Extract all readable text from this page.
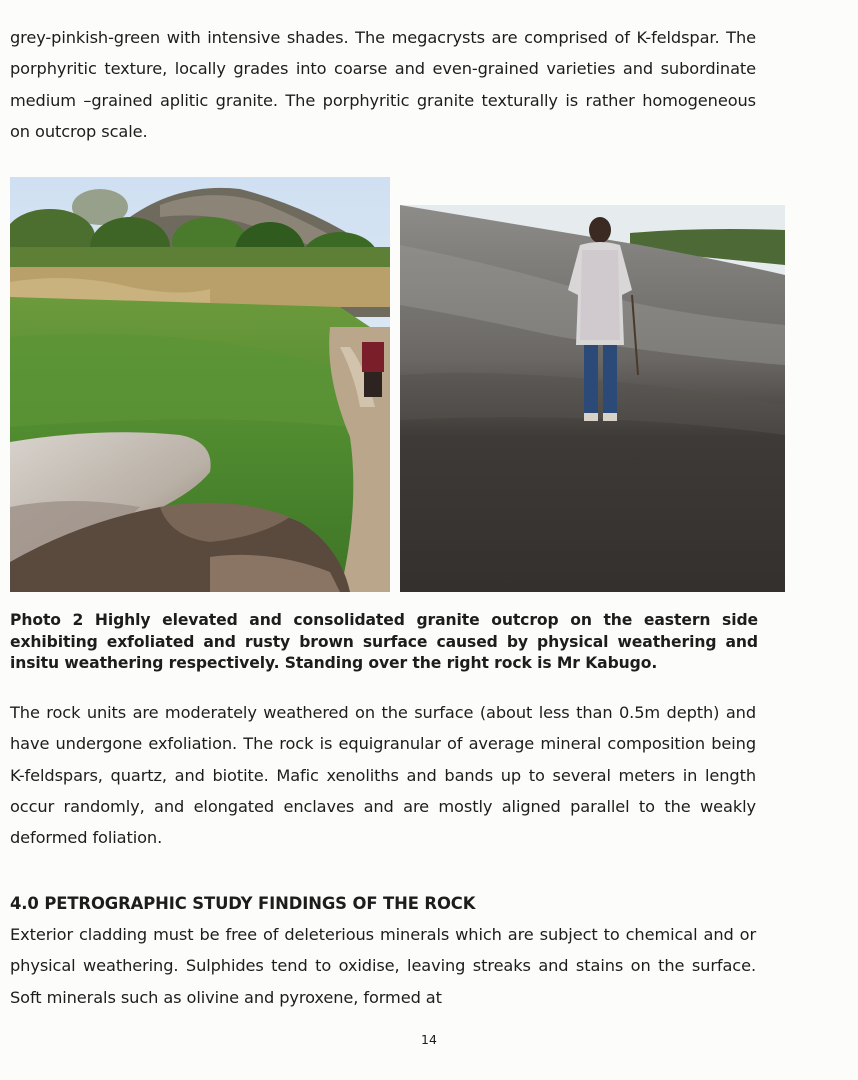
grey-pinkish-green with intensive shades. The megacrysts are comprised of K-feldspar. The porphyritic texture, locally grades into coarse and even-grained varieties and subordinate medium –grained aplitic granite. The porphyritic granite texturally is rather homogeneous on outcrop scale.

Photo 2 Highly elevated and consolidated granite outcrop on the eastern side exhibiting exfoliated and rusty brown surface caused by physical weathering and insitu weathering respectively. Standing over the right rock is Mr Kabugo.

The rock units are moderately weathered on the surface (about less than 0.5m depth) and have undergone exfoliation. The rock is equigranular of average mineral composition being K-feldspars, quartz, and biotite. Mafic xenoliths and bands up to several meters in length occur randomly, and elongated enclaves and are mostly aligned parallel to the weakly deformed foliation.

4.0 PETROGRAPHIC STUDY FINDINGS OF THE ROCK

Exterior cladding must be free of deleterious minerals which are subject to chemical and or physical weathering. Sulphides tend to oxidise, leaving streaks and stains on the surface. Soft minerals such as olivine and pyroxene, formed at

14
